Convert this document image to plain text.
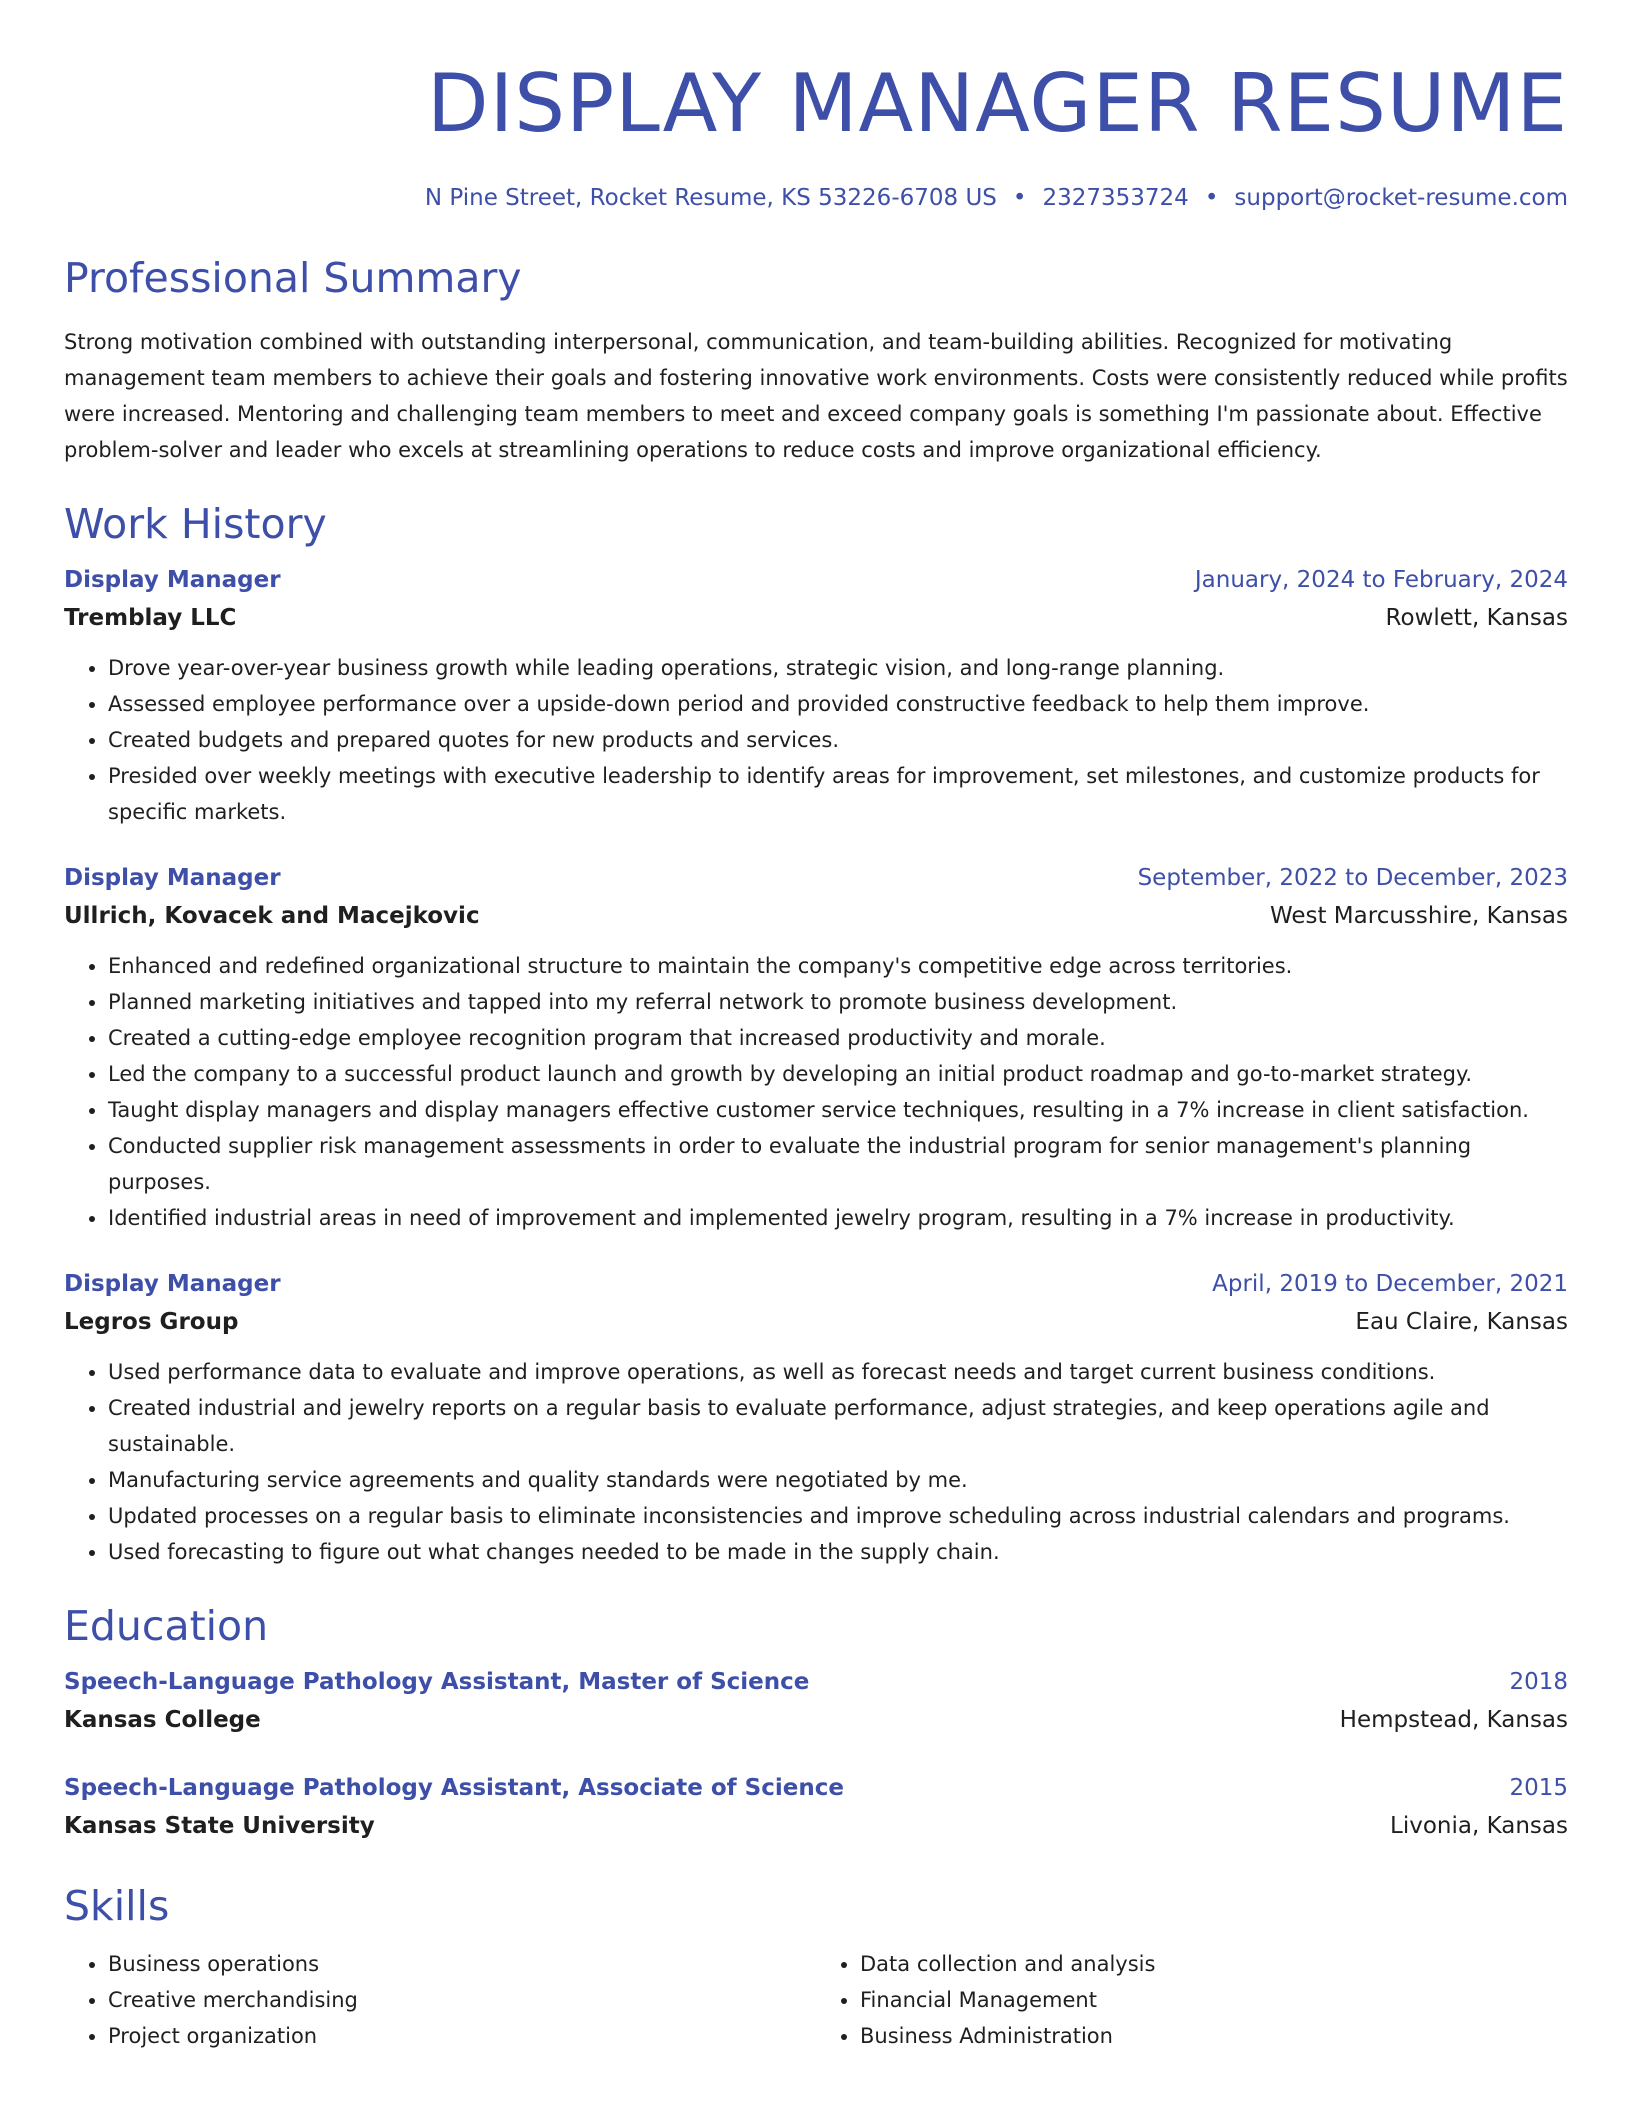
DISPLAY MANAGER RESUME
N Pine Street, Rocket Resume, KS 53226-6708 US • 2327353724 • support@rocket-resume.com
Professional Summary
Strong motivation combined with outstanding interpersonal, communication, and team-building abilities. Recognized for motivating management team members to achieve their goals and fostering innovative work environments. Costs were consistently reduced while profits were increased. Mentoring and challenging team members to meet and exceed company goals is something I'm passionate about. Effective problem-solver and leader who excels at streamlining operations to reduce costs and improve organizational efficiency.
Work History
Display Manager	January, 2024 to February, 2024
Tremblay LLC	Rowlett, Kansas
• Drove year-over-year business growth while leading operations, strategic vision, and long-range planning.
• Assessed employee performance over a upside-down period and provided constructive feedback to help them improve.
• Created budgets and prepared quotes for new products and services.
• Presided over weekly meetings with executive leadership to identify areas for improvement, set milestones, and customize products for specific markets.
Display Manager	September, 2022 to December, 2023
Ullrich, Kovacek and Macejkovic	West Marcusshire, Kansas
• Enhanced and redefined organizational structure to maintain the company's competitive edge across territories.
• Planned marketing initiatives and tapped into my referral network to promote business development.
• Created a cutting-edge employee recognition program that increased productivity and morale.
• Led the company to a successful product launch and growth by developing an initial product roadmap and go-to-market strategy.
• Taught display managers and display managers effective customer service techniques, resulting in a 7% increase in client satisfaction.
• Conducted supplier risk management assessments in order to evaluate the industrial program for senior management's planning purposes.
• Identified industrial areas in need of improvement and implemented jewelry program, resulting in a 7% increase in productivity.
Display Manager	April, 2019 to December, 2021
Legros Group	Eau Claire, Kansas
• Used performance data to evaluate and improve operations, as well as forecast needs and target current business conditions.
• Created industrial and jewelry reports on a regular basis to evaluate performance, adjust strategies, and keep operations agile and sustainable.
• Manufacturing service agreements and quality standards were negotiated by me.
• Updated processes on a regular basis to eliminate inconsistencies and improve scheduling across industrial calendars and programs.
• Used forecasting to figure out what changes needed to be made in the supply chain.
Education
Speech-Language Pathology Assistant, Master of Science	2018
Kansas College	Hempstead, Kansas
Speech-Language Pathology Assistant, Associate of Science	2015
Kansas State University	Livonia, Kansas
Skills
• Business operations
• Creative merchandising
• Project organization
• Data collection and analysis
• Financial Management
• Business Administration
